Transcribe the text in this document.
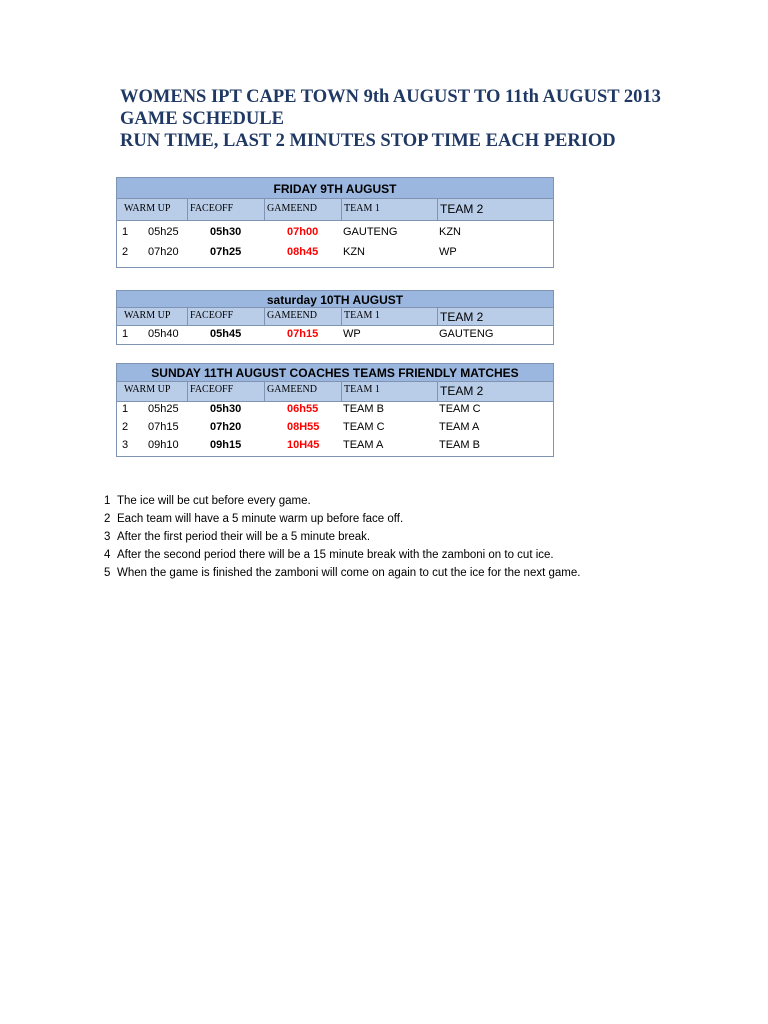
WOMENS IPT CAPE TOWN 9th AUGUST TO 11th AUGUST 2013
GAME SCHEDULE
RUN TIME, LAST 2 MINUTES STOP TIME EACH PERIOD
FRIDAY 9TH AUGUST
WARM UP	FACEOFF	GAMEEND	TEAM 1	TEAM 2
1 05h25	05h30	07h00 GAUTENG	KZN
2 07h20	07h25	08h45 KZN	WP
saturday 10TH AUGUST
WARM UP	FACEOFF	GAMEEND	TEAM 1	TEAM 2
1 05h40	05h45	07h15 WP	GAUTENG
SUNDAY 11TH AUGUST COACHES TEAMS FRIENDLY MATCHES
WARM UP	FACEOFF	GAMEEND	TEAM 1	TEAM 2
1 05h25	05h30	06h55 TEAM B	TEAM C
2 07h15	07h20	08H55 TEAM C	TEAM A
3 09h10	09h15	10H45 TEAM A	TEAM B
1 The ice will be cut before every game.
2 Each team will have a 5 minute warm up before face off.
3 After the first period their will be a 5 minute break.
4 After the second period there will be a 15 minute break with the zamboni on to cut ice.
5 When the game is finished the zamboni will come on again to cut the ice for the next game.
